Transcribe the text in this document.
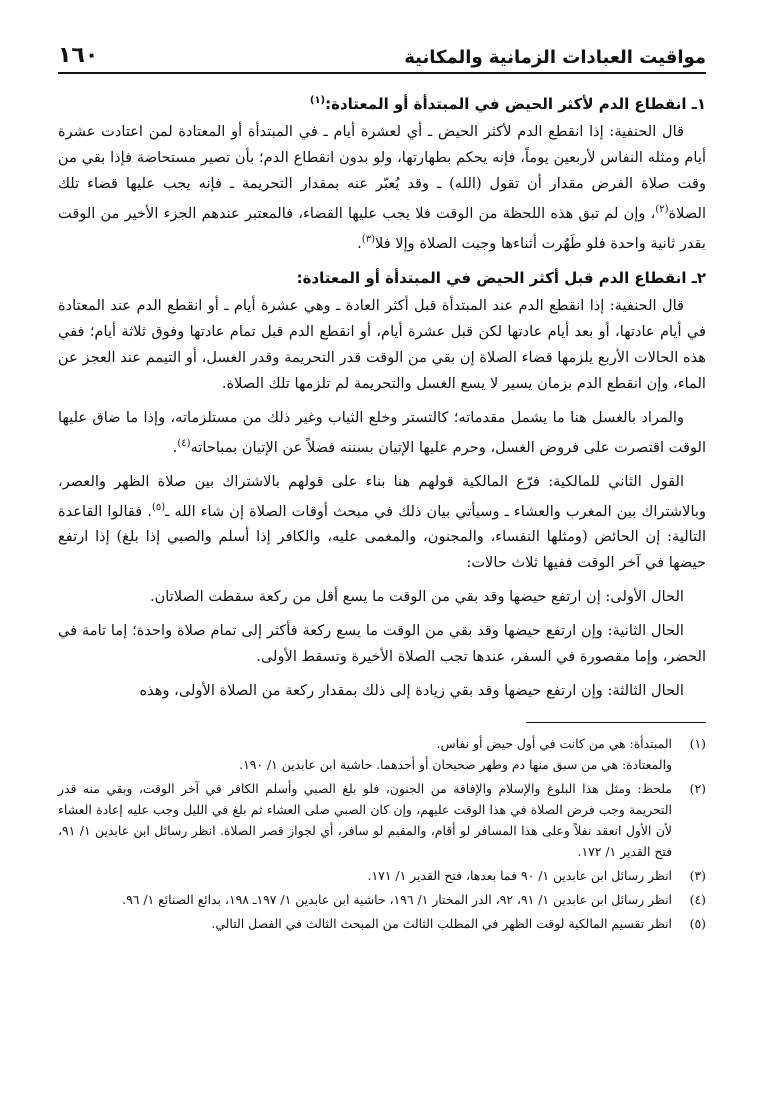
مواقيت العبادات الزمانية والمكانية
١٦٠
١ـ انقطاع الدم لأكثر الحيض في المبتدأة أو المعتادة:$^{(١)}$

قال الحنفية: إذا انقطع الدم لأكثر الحيض ـ أي لعشرة أيام ـ في المبتدأة أو المعتادة لمن اعتادت عشرة أيام ومثله النفاس لأربعين يوماً، فإنه يحكم بطهارتها، ولو بدون انقطاع الدم؛ بأن تصير مستحاضة فإذا بقي من وقت صلاة الفرض مقدار أن تقول (الله) ـ وقد يُعبّر عنه بمقدار التحريمة ـ فإنه يجب عليها قضاء تلك الصلاة$^{(٢)}$، وإن لم تبق هذه اللحظة من الوقت فلا يجب عليها القضاء، فالمعتبر عندهم الجزء الأخير من الوقت بقدر ثانية واحدة فلو طَهُرت أثناءها وجبت الصلاة وإلا فلا$^{(٣)}$.

٢ـ انقطاع الدم قبل أكثر الحيض في المبتدأة أو المعتادة:

قال الحنفية: إذا انقطع الدم عند المبتدأة قبل أكثر العادة ـ وهي عشرة أيام ـ أو انقطع الدم عند المعتادة في أيام عادتها، أو بعد أيام عادتها لكن قبل عشرة أيام، أو انقطع الدم قبل تمام عادتها وفوق ثلاثة أيام؛ ففي هذه الحالات الأربع يلزمها قضاء الصلاة إن بقي من الوقت قدر التحريمة وقدر الغسل، أو التيمم عند العجز عن الماء، وإن انقطع الدم بزمان يسير لا يسع الغسل والتحريمة لم تلزمها تلك الصلاة.

والمراد بالغسل هنا ما يشمل مقدماته؛ كالتستر وخلع الثياب وغير ذلك من مستلزماته، وإذا ما ضاق عليها الوقت اقتصرت على فروض الغسل، وحرم عليها الإتيان بسننه فضلاً عن الإتيان بمباحاته$^{(٤)}$.

القول الثاني للمالكية: فرّع المالكية قولهم هنا بناء على قولهم بالاشتراك بين صلاة الظهر والعصر، وبالاشتراك بين المغرب والعشاء ـ وسيأتي بيان ذلك في مبحث أوقات الصلاة إن شاء الله ـ$^{(٥)}$. فقالوا القاعدة التالية: إن الحائض (ومثلها النفساء، والمجنون، والمغمى عليه، والكافر إذا أسلم والصبي إذا بلغ) إذا ارتفع حيضها في آخر الوقت ففيها ثلاث حالات:

الحال الأولى: إن ارتفع حيضها وقد بقي من الوقت ما يسع أقل من ركعة سقطت الصلاتان.

الحال الثانية: وإن ارتفع حيضها وقد بقي من الوقت ما يسع ركعة فأكثر إلى تمام صلاة واحدة؛ إما تامة في الحضر، وإما مقصورة في السفر، عندها تجب الصلاة الأخيرة وتسقط الأولى.

الحال الثالثة: وإن ارتفع حيضها وقد بقي زيادة إلى ذلك بمقدار ركعة من الصلاة الأولى، وهذه

(١)
المبتدأة: هي من كانت في أول حيض أو نفاس.
والمعتادة: هي من سبق منها دم وطهر صحيحان أو أحدهما. حاشية ابن عابدين ١/ ١٩٠.
(٢)
ملحظ: ومثل هذا البلوغ والإسلام والإفاقة من الجنون، فلو بلغ الصبي وأسلم الكافر في آخر الوقت، وبقي منه قدر التحريمة وجب فرض الصلاة في هذا الوقت عليهم، وإن كان الصبي صلى العشاء ثم بلغ في الليل وجب عليه إعادة العشاء لأن الأول انعقد نفلاً وعلى هذا المسافر لو أقام، والمقيم لو سافر، أي لجواز قصر الصلاة. انظر رسائل ابن عابدين ١/ ٩١، فتح القدير ١/ ١٧٢.
(٣)
انظر رسائل ابن عابدين ١/ ٩٠ فما بعدها، فتح القدير ١/ ١٧١.
(٤)
انظر رسائل ابن عابدين ١/ ٩١، ٩٢، الدر المختار ١/ ١٩٦، حاشية ابن عابدين ١/ ١٩٧ـ ١٩٨، بدائع الصنائع ١/ ٩٦.
(٥)
انظر تقسيم المالكية لوقت الظهر في المطلب الثالث من المبحث الثالث في الفصل التالي.
